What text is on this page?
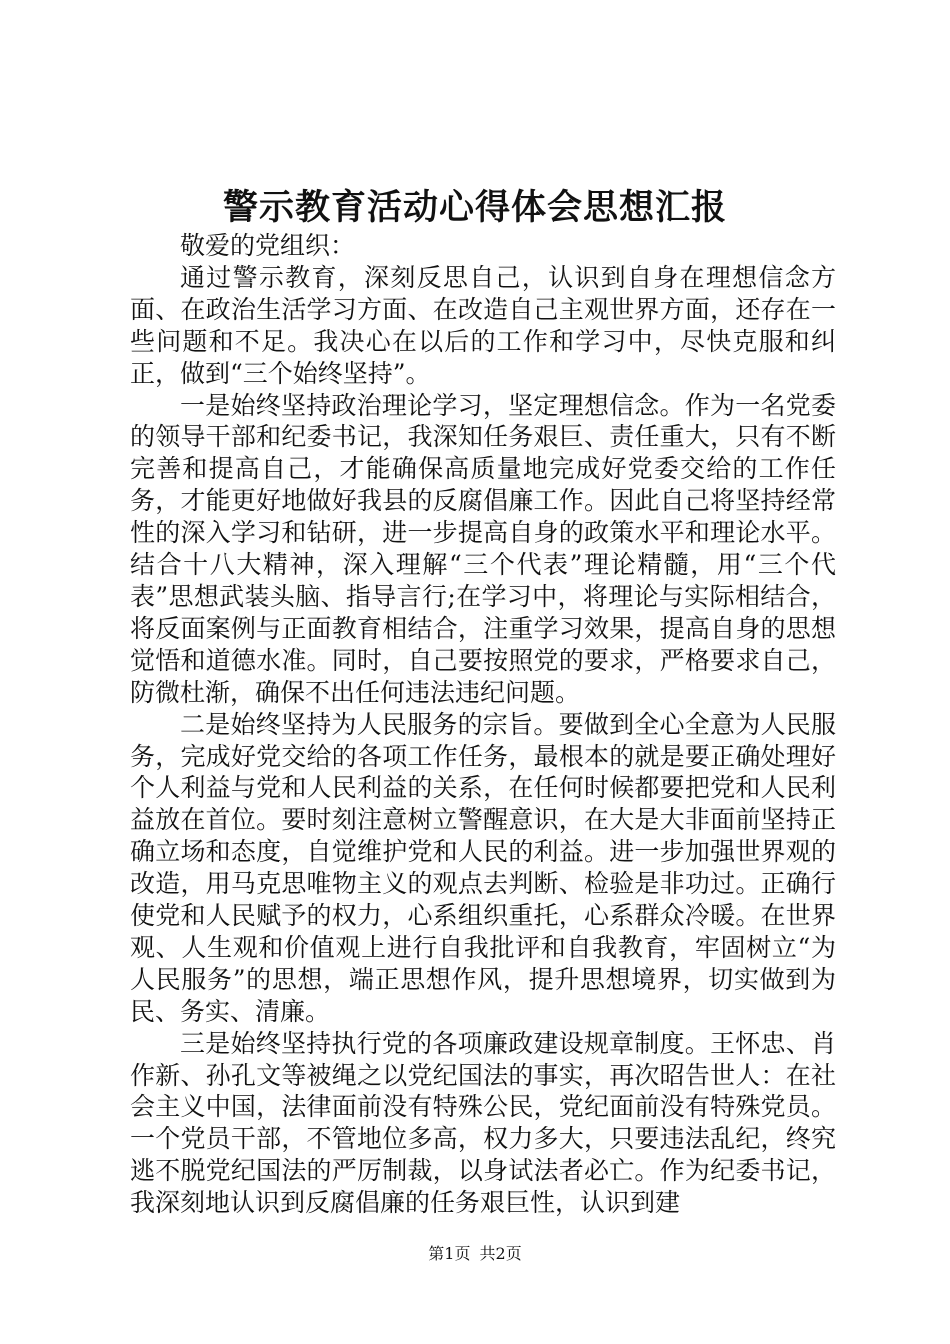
警示教育活动心得体会思想汇报

敬爱的党组织：

通过警示教育，深刻反思自己，认识到自身在理想信念方面、在政治生活学习方面、在改造自己主观世界方面，还存在一些问题和不足。我决心在以后的工作和学习中，尽快克服和纠正，做到“三个始终坚持”。

一是始终坚持政治理论学习，坚定理想信念。作为一名党委的领导干部和纪委书记，我深知任务艰巨、责任重大，只有不断完善和提高自己，才能确保高质量地完成好党委交给的工作任务，才能更好地做好我县的反腐倡廉工作。因此自己将坚持经常性的深入学习和钻研，进一步提高自身的政策水平和理论水平。结合十八大精神，深入理解“三个代表”理论精髓，用“三个代表”思想武装头脑、指导言行;在学习中，将理论与实际相结合，将反面案例与正面教育相结合，注重学习效果，提高自身的思想觉悟和道德水准。同时，自己要按照党的要求，严格要求自己，防微杜渐，确保不出任何违法违纪问题。

二是始终坚持为人民服务的宗旨。要做到全心全意为人民服务，完成好党交给的各项工作任务，最根本的就是要正确处理好个人利益与党和人民利益的关系，在任何时候都要把党和人民利益放在首位。要时刻注意树立警醒意识，在大是大非面前坚持正确立场和态度，自觉维护党和人民的利益。进一步加强世界观的改造，用马克思唯物主义的观点去判断、检验是非功过。正确行使党和人民赋予的权力，心系组织重托，心系群众冷暖。在世界观、人生观和价值观上进行自我批评和自我教育，牢固树立“为人民服务”的思想，端正思想作风，提升思想境界，切实做到为民、务实、清廉。

三是始终坚持执行党的各项廉政建设规章制度。王怀忠、肖作新、孙孔文等被绳之以党纪国法的事实，再次昭告世人：在社会主义中国，法律面前没有特殊公民，党纪面前没有特殊党员。一个党员干部，不管地位多高，权力多大，只要违法乱纪，终究逃不脱党纪国法的严厉制裁，以身试法者必亡。作为纪委书记，我深刻地认识到反腐倡廉的任务艰巨性，认识到建

第1页 共2页
